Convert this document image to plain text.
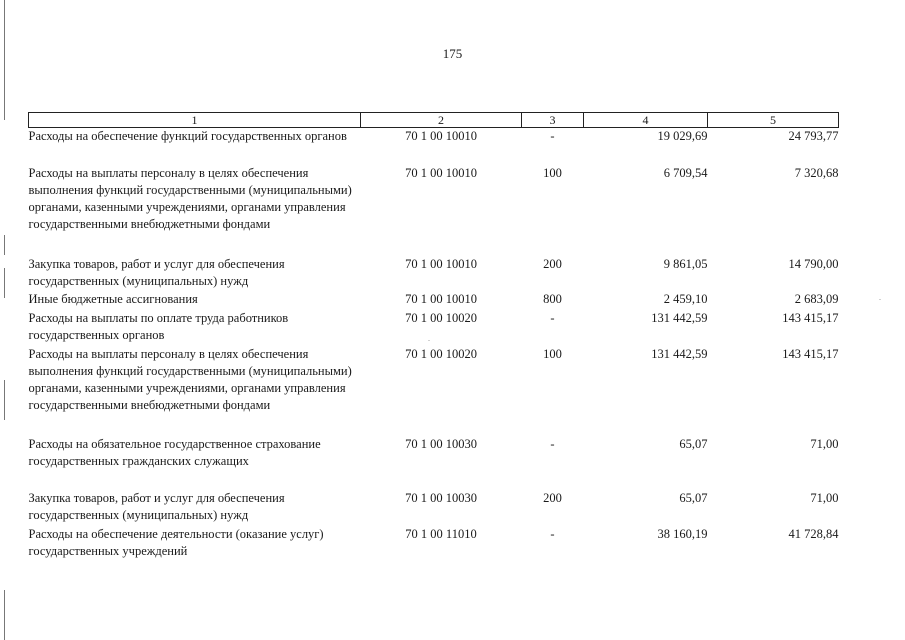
175
.
.
1	2	3	4	5
Расходы на обеспечение функций государственных органов	70 1 00 10010	-	19 029,69	24 793,77
Расходы на выплаты персоналу в целях обеспечения выполнения функций государственными (муниципальными) органами, казенными учреждениями, органами управления государственными внебюджетными фондами	70 1 00 10010	100	6 709,54	7 320,68
Закупка товаров, работ и услуг для обеспечения государственных (муниципальных) нужд	70 1 00 10010	200	9 861,05	14 790,00
Иные бюджетные ассигнования	70 1 00 10010	800	2 459,10	2 683,09
Расходы на выплаты по оплате труда работников государственных органов	70 1 00 10020	-	131 442,59	143 415,17
Расходы на выплаты персоналу в целях обеспечения выполнения функций государственными (муниципальными) органами, казенными учреждениями, органами управления государственными внебюджетными фондами	70 1 00 10020	100	131 442,59	143 415,17
Расходы на обязательное государственное страхование государственных гражданских служащих	70 1 00 10030	-	65,07	71,00
Закупка товаров, работ и услуг для обеспечения государственных (муниципальных) нужд	70 1 00 10030	200	65,07	71,00
Расходы на обеспечение деятельности (оказание услуг) государственных учреждений	70 1 00 11010	-	38 160,19	41 728,84
